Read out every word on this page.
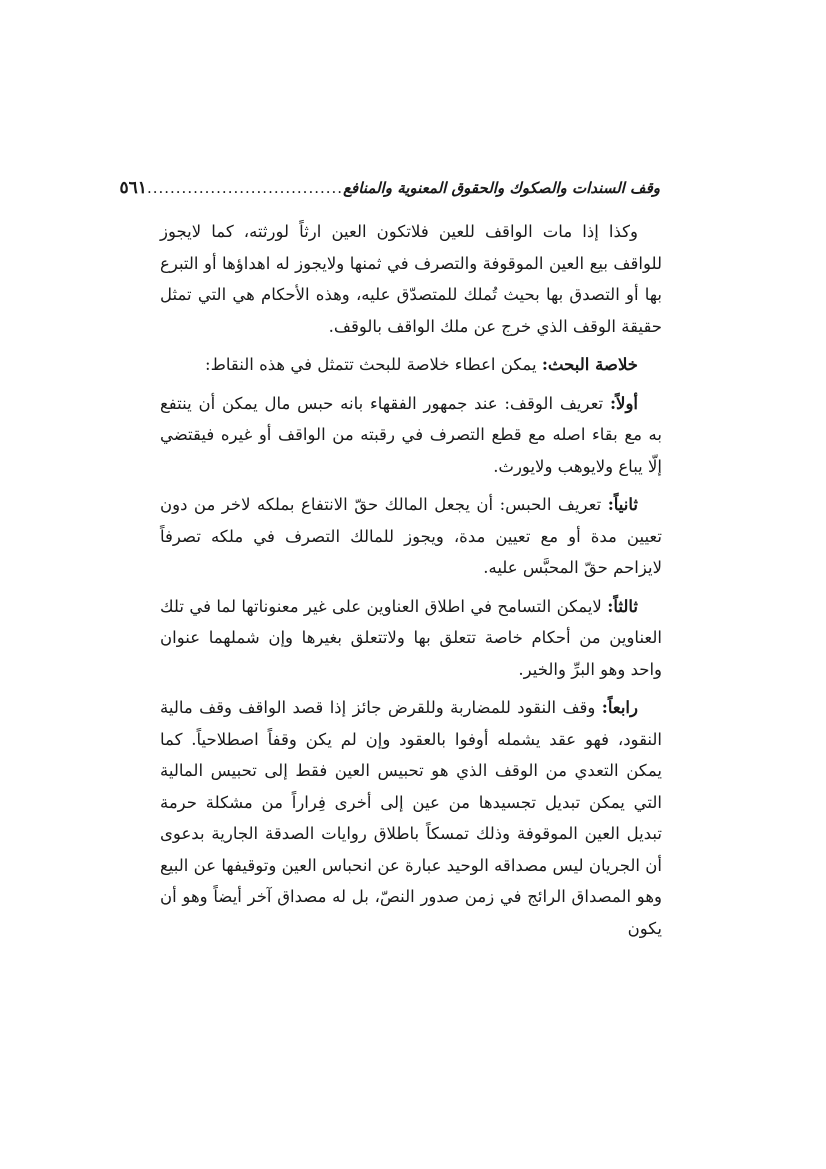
وقف السندات والصكوك والحقوق المعنوية والمنافع
..................................
٥٦١

وكذا إذا مات الواقف للعين فلاتكون العين ارثاً لورثته، كما لايجوز للواقف بيع العين الموقوفة والتصرف في ثمنها ولايجوز له اهداؤها أو التبرع بها أو التصدق بها بحيث تُملك للمتصدّق عليه، وهذه الأحكام هي التي تمثل حقيقة الوقف الذي خرج عن ملك الواقف بالوقف.

خلاصة البحث: يمكن اعطاء خلاصة للبحث تتمثل في هذه النقاط:

أولاً: تعريف الوقف: عند جمهور الفقهاء بانه حبس مال يمكن أن ينتفع به مع بقاء اصله مع قطع التصرف في رقبته من الواقف أو غيره فيقتضي إلّا يباع ولايوهب ولايورث.

ثانياً: تعريف الحبس: أن يجعل المالك حقّ الانتفاع بملكه لاخر من دون تعيين مدة أو مع تعيين مدة، ويجوز للمالك التصرف في ملكه تصرفاً لايزاحم حقّ المحبَّس عليه.

ثالثاً: لايمكن التسامح في اطلاق العناوين على غير معنوناتها لما في تلك العناوين من أحكام خاصة تتعلق بها ولاتتعلق بغيرها وإن شملهما عنوان واحد وهو البرِّ والخير.

رابعاً: وقف النقود للمضاربة وللقرض جائز إذا قصد الواقف وقف مالية النقود، فهو عقد يشمله أوفوا بالعقود وإن لم يكن وقفاً اصطلاحياً. كما يمكن التعدي من الوقف الذي هو تحبيس العين فقط إلى تحبيس المالية التي يمكن تبديل تجسيدها من عين إلى أخرى فِراراً من مشكلة حرمة تبديل العين الموقوفة وذلك تمسكاً باطلاق روايات الصدقة الجارية بدعوى أن الجريان ليس مصداقه الوحيد عبارة عن انحباس العين وتوقيفها عن البيع وهو المصداق الرائج في زمن صدور النصّ، بل له مصداق آخر أيضاً وهو أن يكون
